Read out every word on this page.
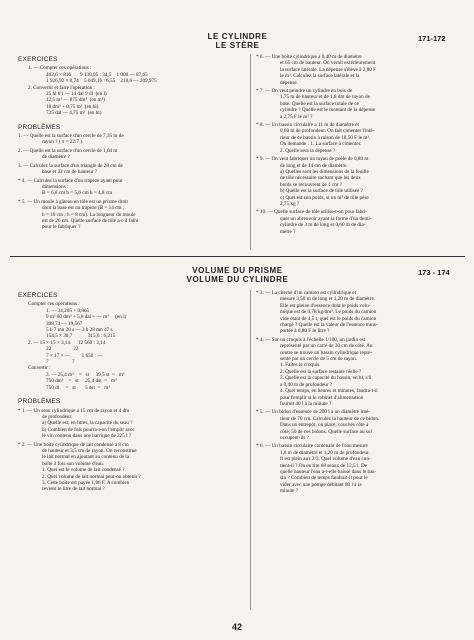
LE CYLINDRE
LE STÈRE
171-172
EXERCICES
1. — Compter ces opérations :
402,6 × 816       9 130,05 : 34,5    1 000 — 87,65
1 926,92 × 0,74    5 049,16 : 6,55    210,6 — 209,975
2. Convertir et faire l'opération :
25 hl 8 l — 14 dal 9 dl  (en l)
12,5 m³ — 875 dm³  (en m³)
18 dm³ + 0,75 m³  (en hl)
725 dal — 4,75 m³  (en hl)
PROBLÈMES
1. — Quelle est la surface d'un cercle de 7,35 m de
rayon ? ( π = 22/7 ).
2. — Quelle est la surface d'un cercle de 1,64 m
de diamètre ?
3. — Calculez la surface d'un triangle de 28 cm de
base et 22 cm de hauteur ?
* 4. — Calculez la surface d'un trapèze ayant pour
dimensions :
B = 6,8 cm b = 5,6 cm h = 4,8 cm
* 5. — Un moule à gâteau en tôle est un prisme droit
dont la base est un trapèze (B = 14 cm ;
b = 10 cm ; h = 8 cm). La longueur du moule
est de 26 cm. Quelle surface de tôle a-t-il fallu
pour le fabriquer ?
* 6. — Une boîte cylindrique a 0,40 m de diamètre
et 65 cm de hauteur. On vernit extérieurement
la surface latérale. La dépense s'élève à 2,80 F
le m². Calculez la surface latérale et la
dépense.
* 7. — On veut peindre un cylindre en bois de
1,75 m de hauteur et de 1,8 dm de rayon de
base. Quelle est la surface totale de ce
cylindre ? Quelle est le montant de la dépense
à 2,75 F le m² ?
* 8. — Un bassin circulaire a 11 m de diamètre et
0,60 m de profondeur. On fait cimenter l'inté-
rieur de ce bassin à raison de 18,50 F le m².
On demande : 1. La surface à cimenter.
2. Quelle sera la dépense ?
* 9. — On veut fabriquer un tuyau de poêle de 0,80 m
de long et de 14 cm de diamètre.
a) Quelles sont les dimensions de la feuille
de tôle nécessaire sachant que les deux
bords se recouvrent de 1 cm ?
b) Quelle est la surface de tôle utilisée ?
c) Quel est son poids, si un m² de tôle pèse
2,75 kg ?
* 10. — Quelle surface de tôle utilise-t-on pour fabri-
quer un abreuvoir ayant la forme d'un demi-
cylindre de 3 m de long et 0,60 m de dia-
mètre ?
VOLUME DU PRISME
VOLUME DU CYLINDRE
173 - 174
EXERCICES
Compter ces opérations :
1. — 34,205 + 0,865
9 m³ 60 dm³ + 5,8 dal + — m³     (en l)
308,74 — 19,567
5 h 7 mn 20 s — 3 h 28 mn 47 s
154,5 × 30,7            315,6 : 6,215
2. — 15 × 15 × 3,14      12 560 : 3,14
22                 22
7 × 17 × —         1 650 : —
7                  7
Convertir :
3. — 25,4 m³    =   st     39,5 st  =   m³
750 dm³    =   st     25,4 dst  =   m³
750 dl     =   st       5 dst  =   m³
PROBLÈMES
* 1. — Un seau cylindrique a 15 cm de rayon et 4 dm
de profondeur.
a) Quelle est, en litres, la capacité du seau ?
b) Combien de fois pourra-t-on l'emplir avec
le vin contenu dans une barrique de 225 l ?
* 2. — Une boîte cylindrique de lait condensé a 8 cm
de hauteur et 3,5 cm de rayon. On reconstitue
le lait normal en ajoutant au contenu de la
boîte 3 fois son volume d'eau.
1. Quel est le volume de lait condensé ?
2. Quel volume de lait normal peut-on obtenir ?
3. Cette boîte est payée 1,86 F. A combien
revient le litre de lait normal ?
* 3. — La citerne d'un camion est cylindrique et
mesure 3,50 m de long et 1,20 m de diamètre.
Elle est pleine d'essence dont le poids volu-
mique est de 0,78 kg/dm³. Le poids du camion
vide étant de 4,5 t, quel est le poids du camion
chargé ? Quelle est la valeur de l'essence trans-
portée à 0,80 F le litre ?
* 4. — Sur un croquis à l'échelle 1/100, un jardin est
représenté par un carré de 30 cm de côté. Au
centre se trouve un bassin cylindrique repré-
senté par un cercle de 5 cm de rayon.
1. Faites le croquis.
2. Quelle est la surface restante réelle ?
3. Quelle est la capacité du bassin, en hl, s'il
a 0,40 m de profondeur ?
4. Quel temps, en heures et minutes, faudra-t-il
pour l'emplir si le robinet d'alimentation
fournit 40 l à la minute ?
* 5. — Un bidon d'essence de 200 l a un diamètre inté-
rieur de 70 cm. Calculez la hauteur de ce bidon.
Dans un entrepôt, on place, couchés côte à
côte, 50 de ces bidons. Quelle surface au sol
occupent-ils ?
* 6. — Un bassin circulaire contenant de l'eau mesure
1,8 m de diamètre et 1,20 m de profondeur.
Il est plein aux 2/3. Quel volume d'eau con-
tient-il ? On en tire 68 seaux de 12,5 l. De
quelle hauteur l'eau a-t-elle baissé dans le bas-
sin ? Combien de temps faudrait-il pour le
vider avec une pompe débitant 80 l à la
minute ?
42
